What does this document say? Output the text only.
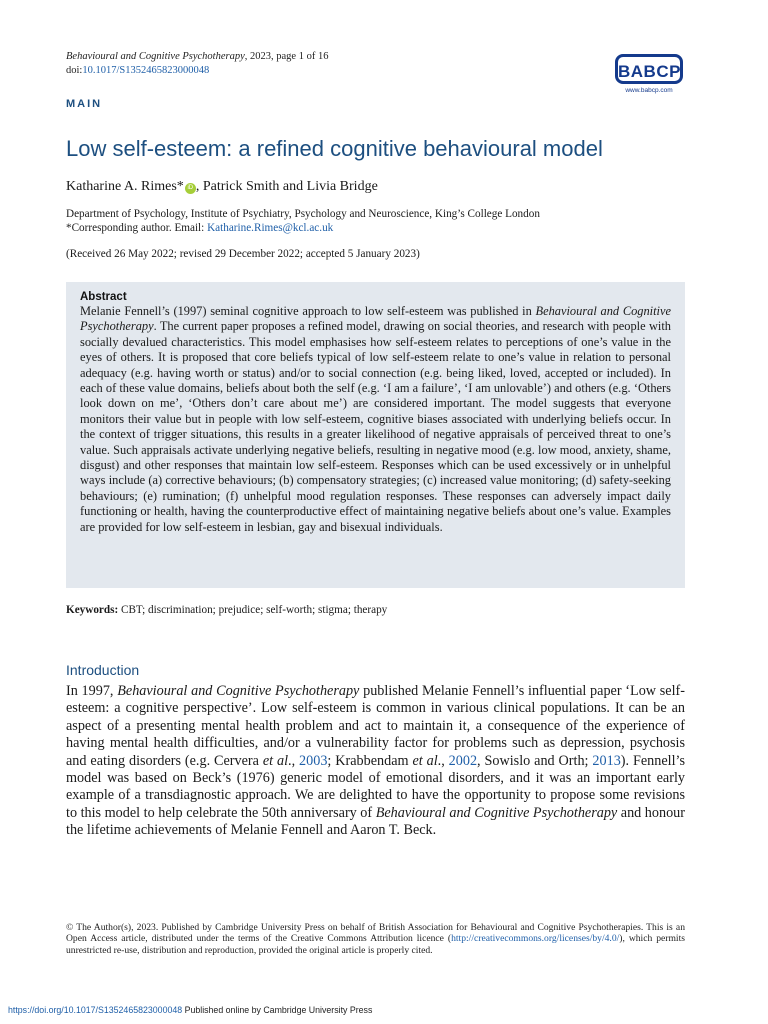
Behavioural and Cognitive Psychotherapy, 2023, page 1 of 16
doi:10.1017/S1352465823000048	BABCP
www.babcp.com
MAIN
Low self-esteem: a refined cognitive behavioural model
Katharine A. Rimes* iD , Patrick Smith and Livia Bridge
Department of Psychology, Institute of Psychiatry, Psychology and Neuroscience, King’s College London
*Corresponding author. Email: Katharine.Rimes@kcl.ac.uk
(Received 26 May 2022; revised 29 December 2022; accepted 5 January 2023)
Abstract
Melanie Fennell’s (1997) seminal cognitive approach to low self-esteem was published in Behavioural and Cognitive Psychotherapy. The current paper proposes a refined model, drawing on social theories, and research with people with socially devalued characteristics. This model emphasises how self-esteem relates to perceptions of one’s value in the eyes of others. It is proposed that core beliefs typical of low self-esteem relate to one’s value in relation to personal adequacy (e.g. having worth or status) and/or to social connection (e.g. being liked, loved, accepted or included). In each of these value domains, beliefs about both the self (e.g. ‘I am a failure’, ‘I am unlovable’) and others (e.g. ‘Others look down on me’, ‘Others don’t care about me’) are considered important. The model suggests that everyone monitors their value but in people with low self-esteem, cognitive biases associated with underlying beliefs occur. In the context of trigger situations, this results in a greater likelihood of negative appraisals of perceived threat to one’s value. Such appraisals activate underlying negative beliefs, resulting in negative mood (e.g. low mood, anxiety, shame, disgust) and other responses that maintain low self-esteem. Responses which can be used excessively or in unhelpful ways include (a) corrective behaviours; (b) compensatory strategies; (c) increased value monitoring; (d) safety-seeking behaviours; (e) rumination; (f) unhelpful mood regulation responses. These responses can adversely impact daily functioning or health, having the counterproductive effect of maintaining negative beliefs about one’s value. Examples are provided for low self-esteem in lesbian, gay and bisexual individuals.
Keywords: CBT; discrimination; prejudice; self-worth; stigma; therapy
Introduction
In 1997, Behavioural and Cognitive Psychotherapy published Melanie Fennell’s influential paper ‘Low self-esteem: a cognitive perspective’. Low self-esteem is common in various clinical populations. It can be an aspect of a presenting mental health problem and act to maintain it, a consequence of the experience of having mental health difficulties, and/or a vulnerability factor for problems such as depression, psychosis and eating disorders (e.g. Cervera et al., 2003; Krabbendam et al., 2002, Sowislo and Orth; 2013). Fennell’s model was based on Beck’s (1976) generic model of emotional disorders, and it was an important early example of a transdiagnostic approach. We are delighted to have the opportunity to propose some revisions to this model to help celebrate the 50th anniversary of Behavioural and Cognitive Psychotherapy and honour the lifetime achievements of Melanie Fennell and Aaron T. Beck.
© The Author(s), 2023. Published by Cambridge University Press on behalf of British Association for Behavioural and Cognitive Psychotherapies. This is an Open Access article, distributed under the terms of the Creative Commons Attribution licence (http://creativecommons.org/licenses/by/4.0/), which permits unrestricted re-use, distribution and reproduction, provided the original article is properly cited.
https://doi.org/10.1017/S1352465823000048 Published online by Cambridge University Press
